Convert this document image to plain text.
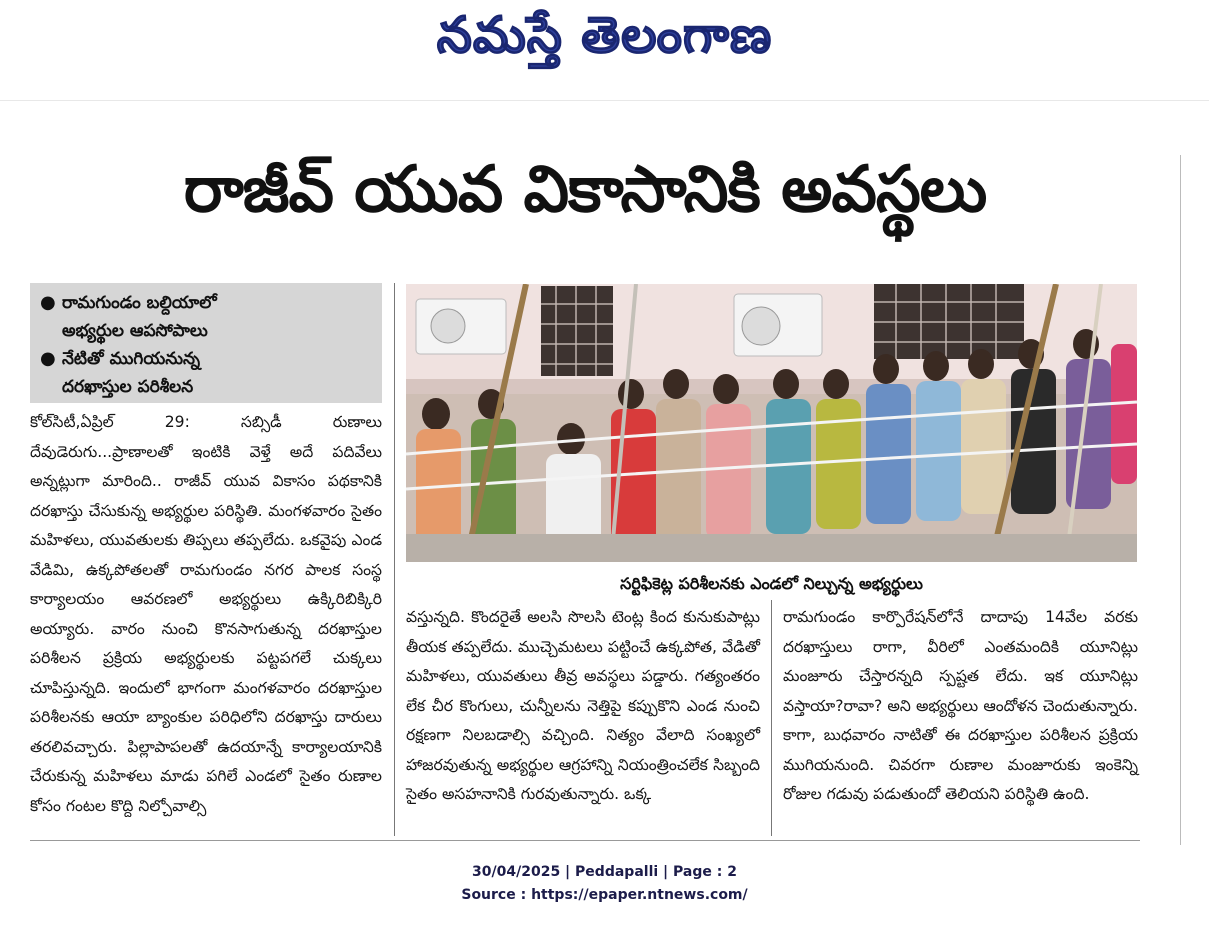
నమస్తే తెలంగాణ
రాజీవ్ యువ వికాసానికి అవస్థలు
● రామగుండం బల్దియాలో
అభ్యర్థుల ఆపసోపాలు
● నేటితో ముగియనున్న
దరఖాస్తుల పరిశీలన
సర్టిఫికెట్ల పరిశీలనకు ఎండలో నిల్చున్న అభ్యర్థులు
కోల్‌సిటీ,ఏప్రిల్ 29: సబ్సిడీ రుణాలు దేవుడెరుగు...ప్రాణాలతో ఇంటికి వెళ్తే అదే పదివేలు అన్నట్లుగా మారింది.. రాజీవ్ యువ వికాసం పథకానికి దరఖాస్తు చేసుకున్న అభ్యర్థుల పరిస్థితి. మంగళవారం సైతం మహిళలు, యువతులకు తిప్పలు తప్పలేదు. ఒకవైపు ఎండ వేడిమి, ఉక్కపోతలతో రామగుండం నగర పాలక సంస్థ కార్యాలయం ఆవరణలో అభ్యర్థులు ఉక్కిరిబిక్కిరి అయ్యారు. వారం నుంచి కొనసాగుతున్న దరఖాస్తుల పరిశీలన ప్రక్రియ అభ్యర్థులకు పట్టపగలే చుక్కలు చూపిస్తున్నది. ఇందులో భాగంగా మంగళవారం దరఖాస్తుల పరిశీలనకు ఆయా బ్యాంకుల పరిధిలోని దరఖాస్తు దారులు తరలివచ్చారు. పిల్లాపాపలతో ఉదయాన్నే కార్యాలయానికి చేరుకున్న మహిళలు మాడు పగిలే ఎండలో సైతం రుణాల కోసం గంటల కొద్ది నిల్చోవాల్సి
వస్తున్నది. కొందరైతే అలసి సొలసి టెంట్ల కింద కునుకుపాట్లు తీయక తప్పలేదు. ముచ్చెమటలు పట్టించే ఉక్కపోత, వేడితో మహిళలు, యువతులు తీవ్ర అవస్థలు పడ్డారు. గత్యంతరం లేక చీర కొంగులు, చున్నీలను నెత్తిపై కప్పుకొని ఎండ నుంచి రక్షణగా నిలబడాల్సి వచ్చింది. నిత్యం వేలాది సంఖ్యలో హాజరవుతున్న అభ్యర్థుల ఆగ్రహాన్ని నియంత్రించలేక సిబ్బంది సైతం అసహనానికి గురవుతున్నారు. ఒక్క
రామగుండం కార్పొరేషన్‌లోనే దాదాపు 14వేల వరకు దరఖాస్తులు రాగా, వీరిలో ఎంతమందికి యూనిట్లు మంజూరు చేస్తారన్నది స్పష్టత లేదు. ఇక యూనిట్లు వస్తాయా?రావా? అని అభ్యర్థులు ఆందోళన చెందుతున్నారు. కాగా, బుధవారం నాటితో ఈ దరఖాస్తుల పరిశీలన ప్రక్రియ ముగియనుంది. చివరగా రుణాల మంజూరుకు ఇంకెన్ని రోజుల గడువు పడుతుందో తెలియని పరిస్థితి ఉంది.
30/04/2025 | Peddapalli | Page : 2
Source : https://epaper.ntnews.com/
